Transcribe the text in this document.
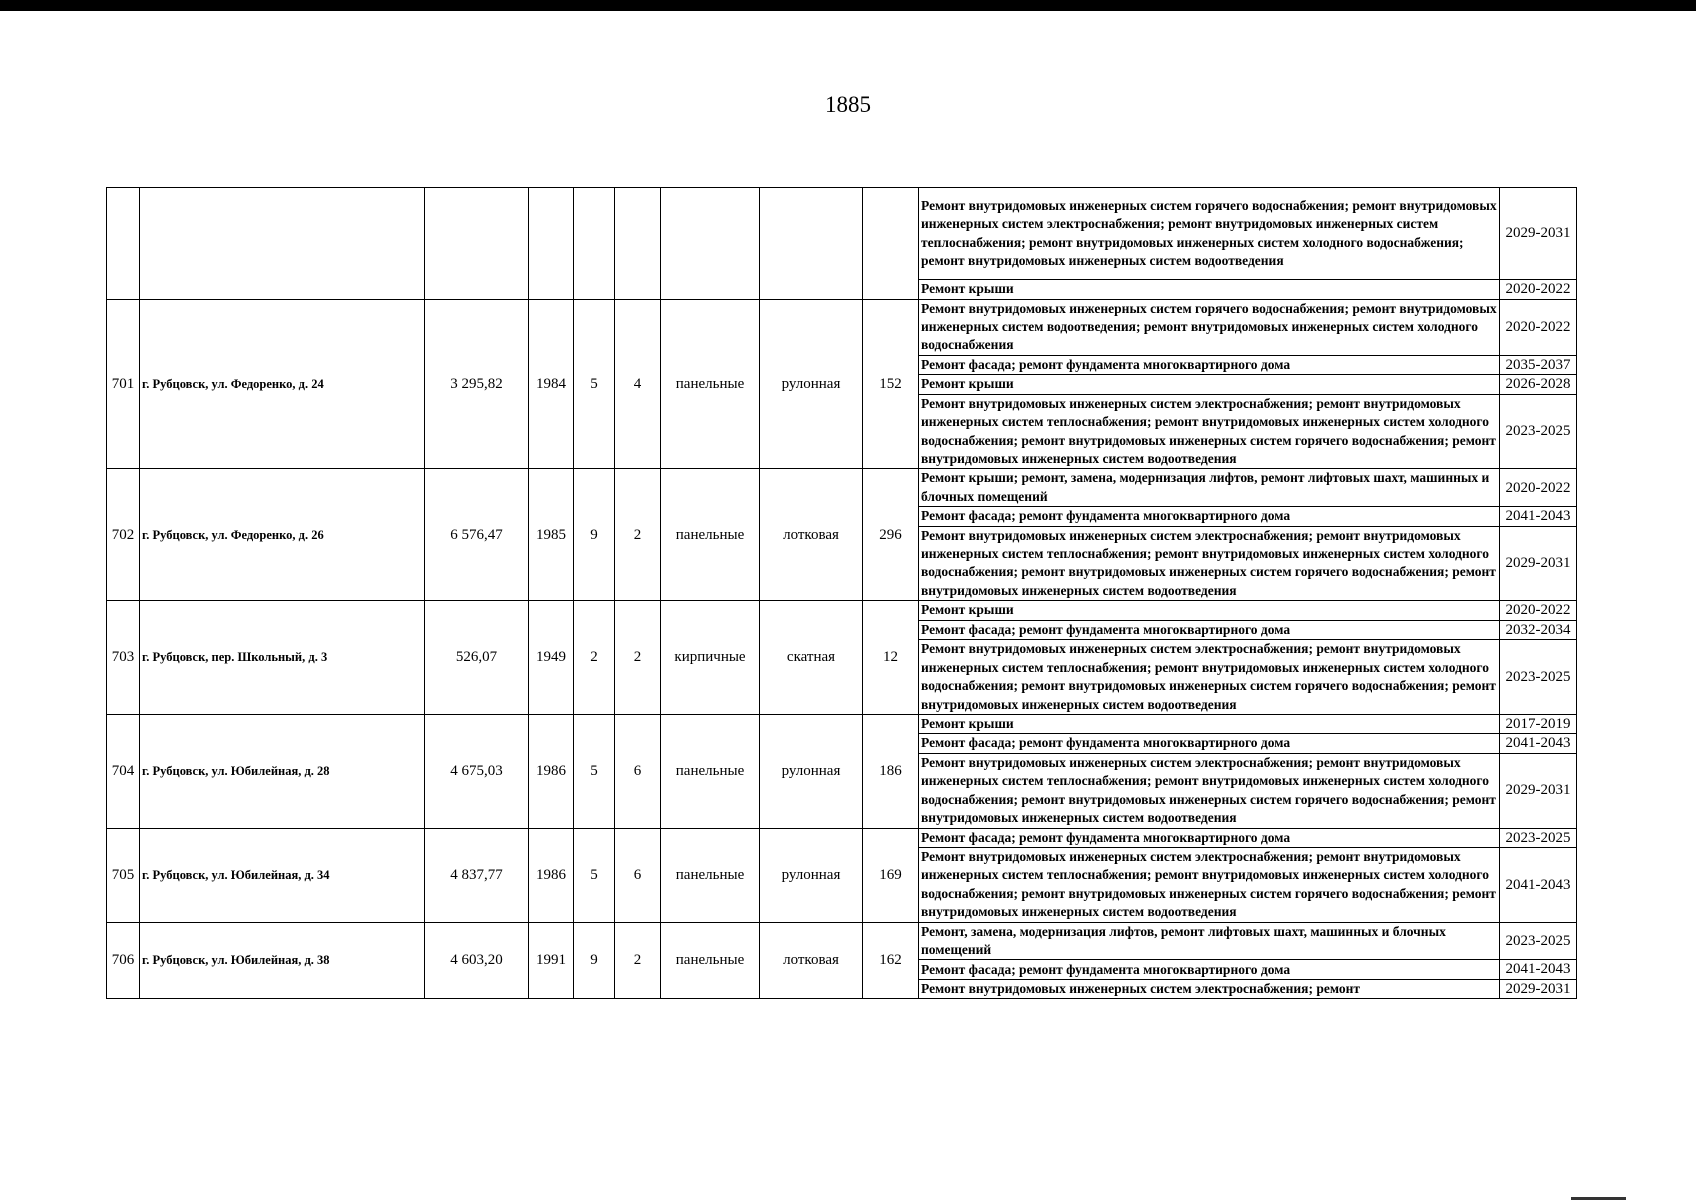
1885
									Ремонт внутридомовых инженерных систем горячего водоснабжения; ремонт внутридомовых инженерных систем электроснабжения; ремонт внутридомовых инженерных систем теплоснабжения; ремонт внутридомовых инженерных систем холодного водоснабжения; ремонт внутридомовых инженерных систем водоотведения	2029-2031
									Ремонт крыши	2020-2022
701	г. Рубцовск, ул. Федоренко, д. 24	3 295,82	1984	5	4	панельные	рулонная	152	Ремонт внутридомовых инженерных систем горячего водоснабжения; ремонт внутридомовых инженерных систем водоотведения; ремонт внутридомовых инженерных систем холодного водоснабжения	2020-2022
									Ремонт фасада; ремонт фундамента многоквартирного дома	2035-2037
									Ремонт крыши	2026-2028
									Ремонт внутридомовых инженерных систем электроснабжения; ремонт внутридомовых инженерных систем теплоснабжения; ремонт внутридомовых инженерных систем холодного водоснабжения; ремонт внутридомовых инженерных систем горячего водоснабжения; ремонт внутридомовых инженерных систем водоотведения	2023-2025
702	г. Рубцовск, ул. Федоренко, д. 26	6 576,47	1985	9	2	панельные	лотковая	296	Ремонт крыши; ремонт, замена, модернизация лифтов, ремонт лифтовых шахт, машинных и блочных помещений	2020-2022
									Ремонт фасада; ремонт фундамента многоквартирного дома	2041-2043
									Ремонт внутридомовых инженерных систем электроснабжения; ремонт внутридомовых инженерных систем теплоснабжения; ремонт внутридомовых инженерных систем холодного водоснабжения; ремонт внутридомовых инженерных систем горячего водоснабжения; ремонт внутридомовых инженерных систем водоотведения	2029-2031
703	г. Рубцовск, пер. Школьный, д. 3	526,07	1949	2	2	кирпичные	скатная	12	Ремонт крыши	2020-2022
									Ремонт фасада; ремонт фундамента многоквартирного дома	2032-2034
									Ремонт внутридомовых инженерных систем электроснабжения; ремонт внутридомовых инженерных систем теплоснабжения; ремонт внутридомовых инженерных систем холодного водоснабжения; ремонт внутридомовых инженерных систем горячего водоснабжения; ремонт внутридомовых инженерных систем водоотведения	2023-2025
704	г. Рубцовск, ул. Юбилейная, д. 28	4 675,03	1986	5	6	панельные	рулонная	186	Ремонт крыши	2017-2019
									Ремонт фасада; ремонт фундамента многоквартирного дома	2041-2043
									Ремонт внутридомовых инженерных систем электроснабжения; ремонт внутридомовых инженерных систем теплоснабжения; ремонт внутридомовых инженерных систем холодного водоснабжения; ремонт внутридомовых инженерных систем горячего водоснабжения; ремонт внутридомовых инженерных систем водоотведения	2029-2031
705	г. Рубцовск, ул. Юбилейная, д. 34	4 837,77	1986	5	6	панельные	рулонная	169	Ремонт фасада; ремонт фундамента многоквартирного дома	2023-2025
									Ремонт внутридомовых инженерных систем электроснабжения; ремонт внутридомовых инженерных систем теплоснабжения; ремонт внутридомовых инженерных систем холодного водоснабжения; ремонт внутридомовых инженерных систем горячего водоснабжения; ремонт внутридомовых инженерных систем водоотведения	2041-2043
706	г. Рубцовск, ул. Юбилейная, д. 38	4 603,20	1991	9	2	панельные	лотковая	162	Ремонт, замена, модернизация лифтов, ремонт лифтовых шахт, машинных и блочных помещений	2023-2025
									Ремонт фасада; ремонт фундамента многоквартирного дома	2041-2043
									Ремонт внутридомовых инженерных систем электроснабжения; ремонт	2029-2031
